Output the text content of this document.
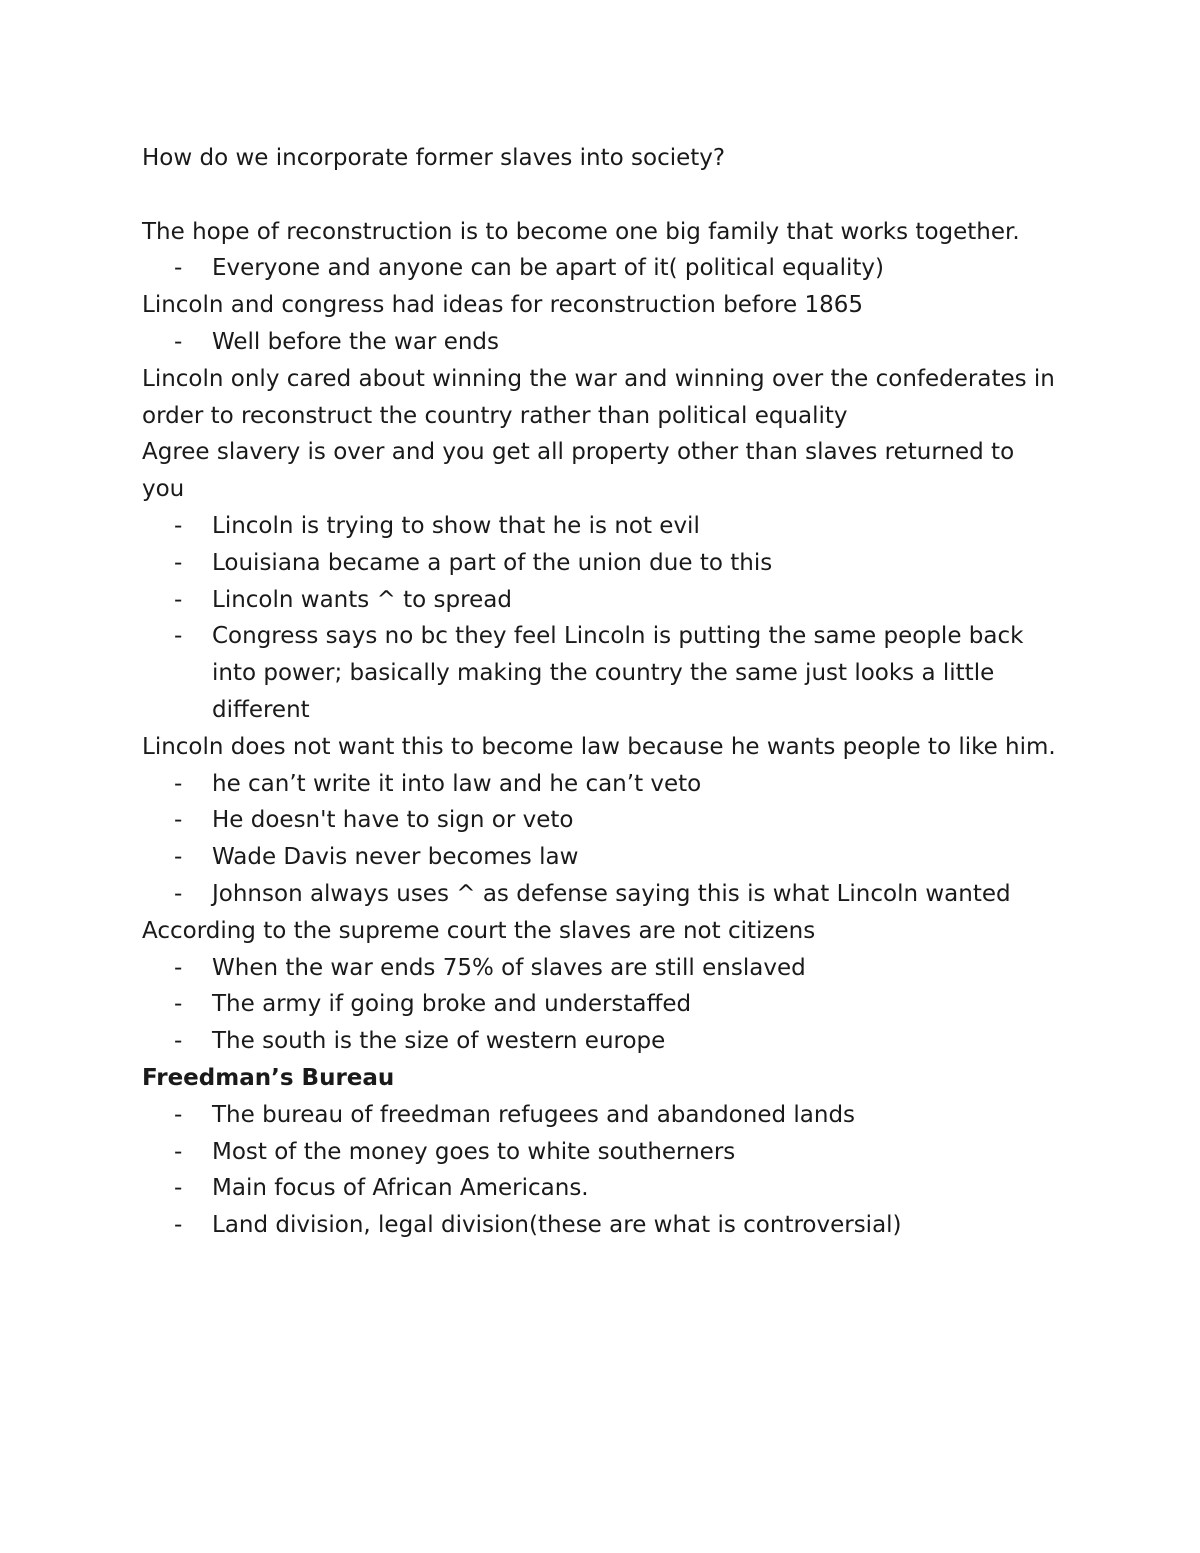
How do we incorporate former slaves into society?

The hope of reconstruction is to become one big family that works together.

- Everyone and anyone can be apart of it( political equality)

Lincoln and congress had ideas for reconstruction before 1865

- Well before the war ends

Lincoln only cared about winning the war and winning over the confederates in order to reconstruct the country rather than political equality

Agree slavery is over and you get all property other than slaves returned to you

- Lincoln is trying to show that he is not evil
- Louisiana became a part of the union due to this
- Lincoln wants ^ to spread
- Congress says no bc they feel Lincoln is putting the same people back into power; basically making the country the same just looks a little different

Lincoln does not want this to become law because he wants people to like him.

- he can’t write it into law and he can’t veto
- He doesn't have to sign or veto
- Wade Davis never becomes law
- Johnson always uses ^ as defense saying this is what Lincoln wanted

According to the supreme court the slaves are not citizens

- When the war ends 75% of slaves are still enslaved
- The army if going broke and understaffed
- The south is the size of western europe

Freedman’s Bureau

- The bureau of freedman refugees and abandoned lands
- Most of the money goes to white southerners
- Main focus of African Americans.
- Land division, legal division(these are what is controversial)
